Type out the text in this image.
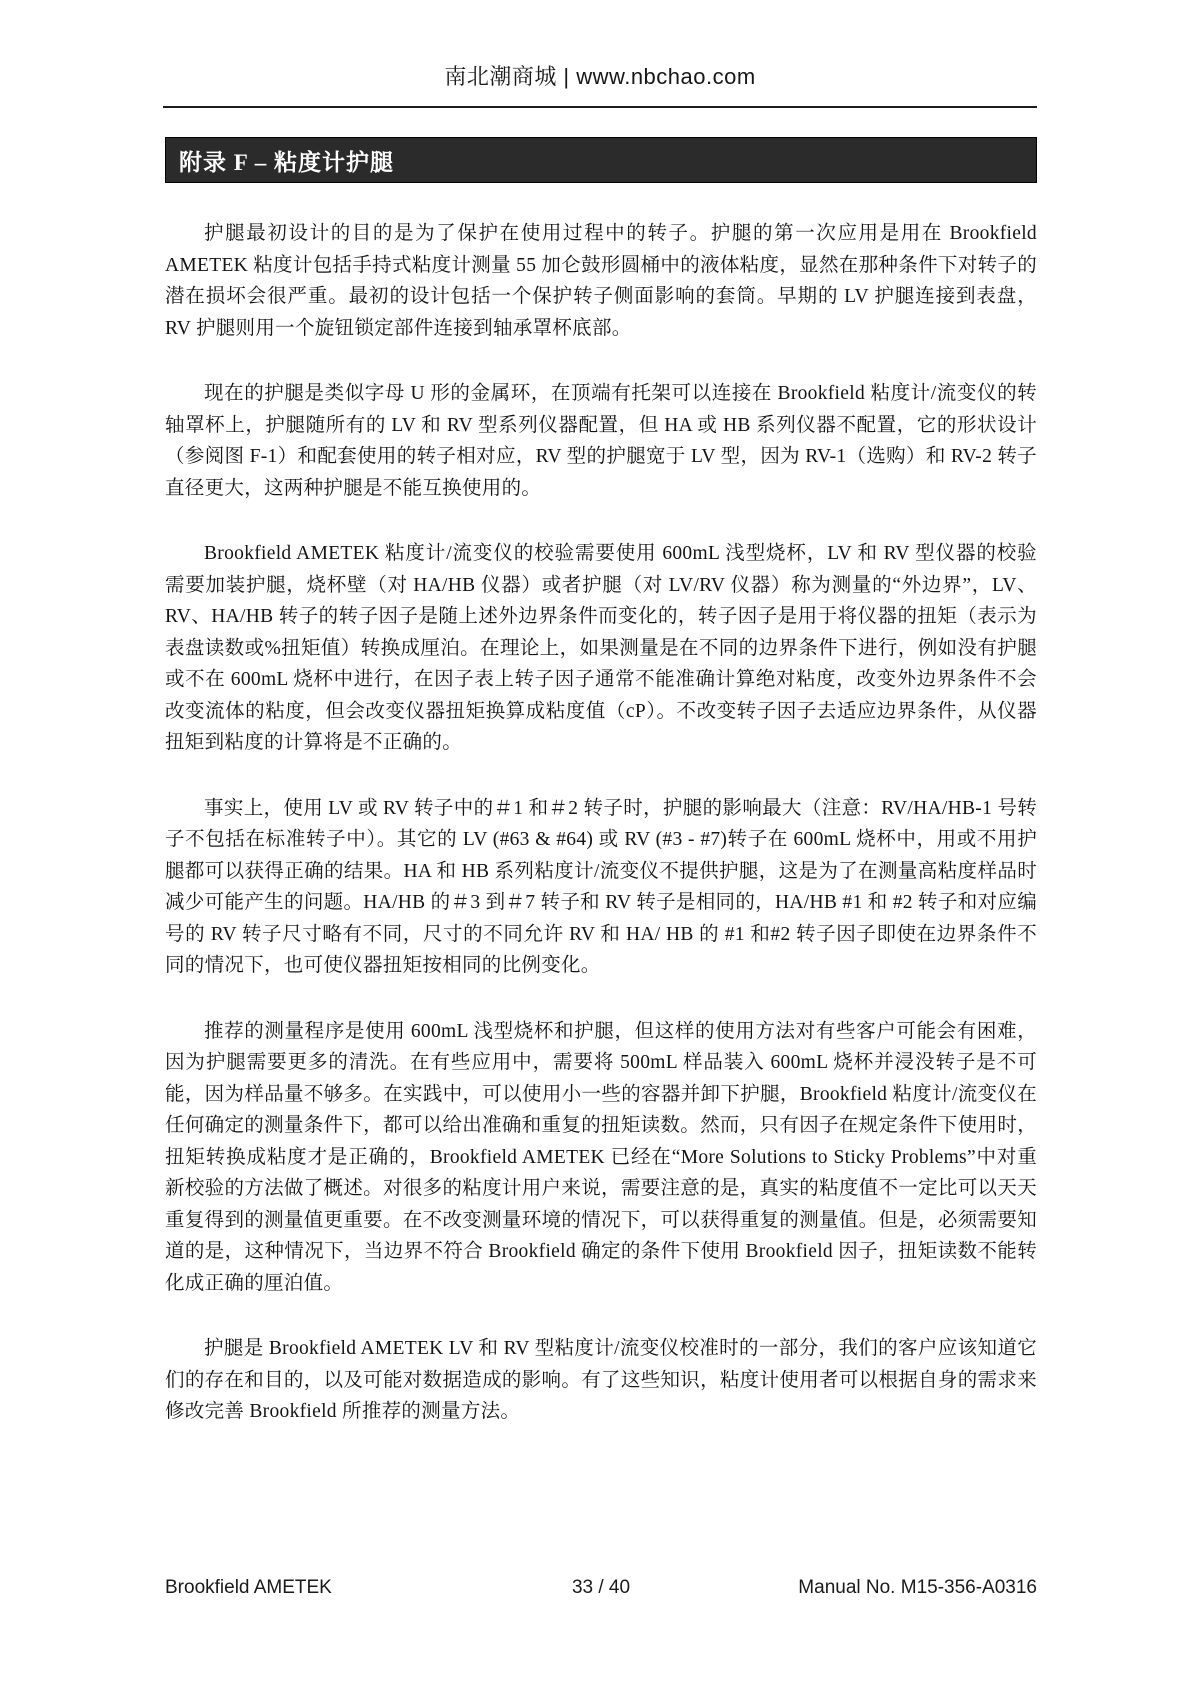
南北潮商城 | www.nbchao.com
附录 F – 粘度计护腿

护腿最初设计的目的是为了保护在使用过程中的转子。护腿的第一次应用是用在 Brookfield AMETEK 粘度计包括手持式粘度计测量 55 加仑鼓形圆桶中的液体粘度，显然在那种条件下对转子的潜在损坏会很严重。最初的设计包括一个保护转子侧面影响的套筒。早期的 LV 护腿连接到表盘，RV 护腿则用一个旋钮锁定部件连接到轴承罩杯底部。

现在的护腿是类似字母 U 形的金属环，在顶端有托架可以连接在 Brookfield 粘度计/流变仪的转轴罩杯上，护腿随所有的 LV 和 RV 型系列仪器配置，但 HA 或 HB 系列仪器不配置，它的形状设计（参阅图 F-1）和配套使用的转子相对应，RV 型的护腿宽于 LV 型，因为 RV-1（选购）和 RV-2 转子直径更大，这两种护腿是不能互换使用的。

Brookfield AMETEK 粘度计/流变仪的校验需要使用 600mL 浅型烧杯，LV 和 RV 型仪器的校验需要加装护腿，烧杯壁（对 HA/HB 仪器）或者护腿（对 LV/RV 仪器）称为测量的“外边界”，LV、RV、HA/HB 转子的转子因子是随上述外边界条件而变化的，转子因子是用于将仪器的扭矩（表示为表盘读数或%扭矩值）转换成厘泊。在理论上，如果测量是在不同的边界条件下进行，例如没有护腿或不在 600mL 烧杯中进行，在因子表上转子因子通常不能准确计算绝对粘度，改变外边界条件不会改变流体的粘度，但会改变仪器扭矩换算成粘度值（cP）。不改变转子因子去适应边界条件，从仪器扭矩到粘度的计算将是不正确的。

事实上，使用 LV 或 RV 转子中的＃1 和＃2 转子时，护腿的影响最大（注意：RV/HA/HB-1 号转子不包括在标准转子中）。其它的 LV (#63 & #64) 或 RV (#3 - #7)转子在 600mL 烧杯中，用或不用护腿都可以获得正确的结果。HA 和 HB 系列粘度计/流变仪不提供护腿，这是为了在测量高粘度样品时减少可能产生的问题。HA/HB 的＃3 到＃7 转子和 RV 转子是相同的，HA/HB #1 和 #2 转子和对应编号的 RV 转子尺寸略有不同，尺寸的不同允许 RV 和 HA/ HB 的 #1 和#2 转子因子即使在边界条件不同的情况下，也可使仪器扭矩按相同的比例变化。

推荐的测量程序是使用 600mL 浅型烧杯和护腿，但这样的使用方法对有些客户可能会有困难，因为护腿需要更多的清洗。在有些应用中，需要将 500mL 样品装入 600mL 烧杯并浸没转子是不可能，因为样品量不够多。在实践中，可以使用小一些的容器并卸下护腿，Brookfield 粘度计/流变仪在任何确定的测量条件下，都可以给出准确和重复的扭矩读数。然而，只有因子在规定条件下使用时，扭矩转换成粘度才是正确的，Brookfield AMETEK 已经在“More Solutions to Sticky Problems”中对重新校验的方法做了概述。对很多的粘度计用户来说，需要注意的是，真实的粘度值不一定比可以天天重复得到的测量值更重要。在不改变测量环境的情况下，可以获得重复的测量值。但是，必须需要知道的是，这种情况下，当边界不符合 Brookfield 确定的条件下使用 Brookfield 因子，扭矩读数不能转化成正确的厘泊值。

护腿是 Brookfield AMETEK LV 和 RV 型粘度计/流变仪校准时的一部分，我们的客户应该知道它们的存在和目的，以及可能对数据造成的影响。有了这些知识，粘度计使用者可以根据自身的需求来修改完善 Brookfield 所推荐的测量方法。

Brookfield AMETEK	33 / 40	Manual No. M15-356-A0316
